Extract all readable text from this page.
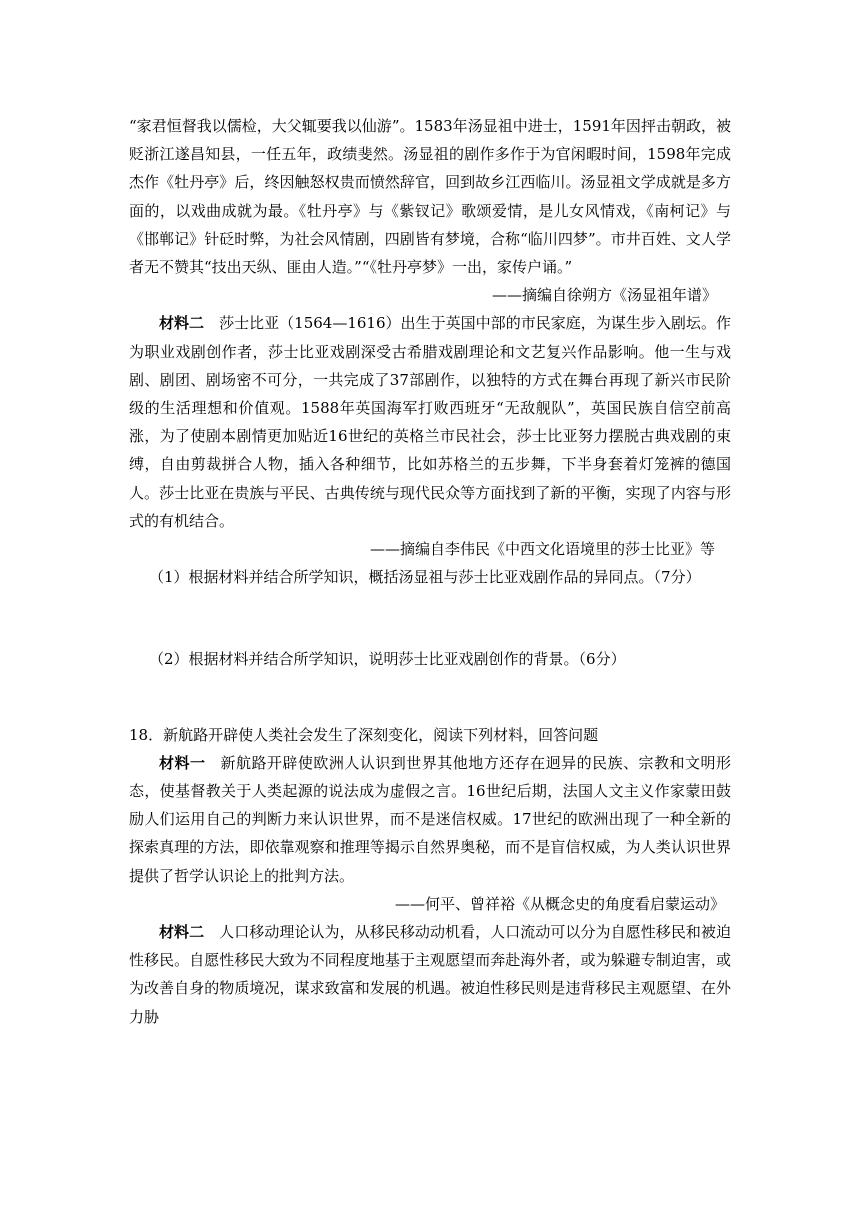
“家君恒督我以儒检，大父辄要我以仙游”。1583年汤显祖中进士，1591年因抨击朝政，被贬浙江遂昌知县，一任五年，政绩斐然。汤显祖的剧作多作于为官闲暇时间，1598年完成杰作《牡丹亭》后，终因触怒权贵而愤然辞官，回到故乡江西临川。汤显祖文学成就是多方面的，以戏曲成就为最。《牡丹亭》与《紫钗记》歌颂爱情，是儿女风情戏，《南柯记》与《邯郸记》针砭时弊，为社会风情剧，四剧皆有梦境，合称“临川四梦”。市井百姓、文人学者无不赞其“技出天纵、匪由人造。”“《牡丹亭梦》一出，家传户诵。”

——摘编自徐朔方《汤显祖年谱》

材料二 莎士比亚（1564—1616）出生于英国中部的市民家庭，为谋生步入剧坛。作为职业戏剧创作者，莎士比亚戏剧深受古希腊戏剧理论和文艺复兴作品影响。他一生与戏剧、剧团、剧场密不可分，一共完成了37部剧作，以独特的方式在舞台再现了新兴市民阶级的生活理想和价值观。1588年英国海军打败西班牙“无敌舰队”，英国民族自信空前高涨，为了使剧本剧情更加贴近16世纪的英格兰市民社会，莎士比亚努力摆脱古典戏剧的束缚，自由剪裁拼合人物，插入各种细节，比如苏格兰的五步舞，下半身套着灯笼裤的德国人。莎士比亚在贵族与平民、古典传统与现代民众等方面找到了新的平衡，实现了内容与形式的有机结合。

——摘编自李伟民《中西文化语境里的莎士比亚》等

（1）根据材料并结合所学知识，概括汤显祖与莎士比亚戏剧作品的异同点。（7分）

（2）根据材料并结合所学知识，说明莎士比亚戏剧创作的背景。（6分）

18．新航路开辟使人类社会发生了深刻变化，阅读下列材料，回答问题

材料一 新航路开辟使欧洲人认识到世界其他地方还存在迥异的民族、宗教和文明形态，使基督教关于人类起源的说法成为虚假之言。16世纪后期，法国人文主义作家蒙田鼓励人们运用自己的判断力来认识世界，而不是迷信权威。17世纪的欧洲出现了一种全新的探索真理的方法，即依靠观察和推理等揭示自然界奥秘，而不是盲信权威，为人类认识世界提供了哲学认识论上的批判方法。

——何平、曾祥裕《从概念史的角度看启蒙运动》

材料二 人口移动理论认为，从移民移动动机看，人口流动可以分为自愿性移民和被迫性移民。自愿性移民大致为不同程度地基于主观愿望而奔赴海外者，或为躲避专制迫害，或为改善自身的物质境况，谋求致富和发展的机遇。被迫性移民则是违背移民主观愿望、在外力胁
